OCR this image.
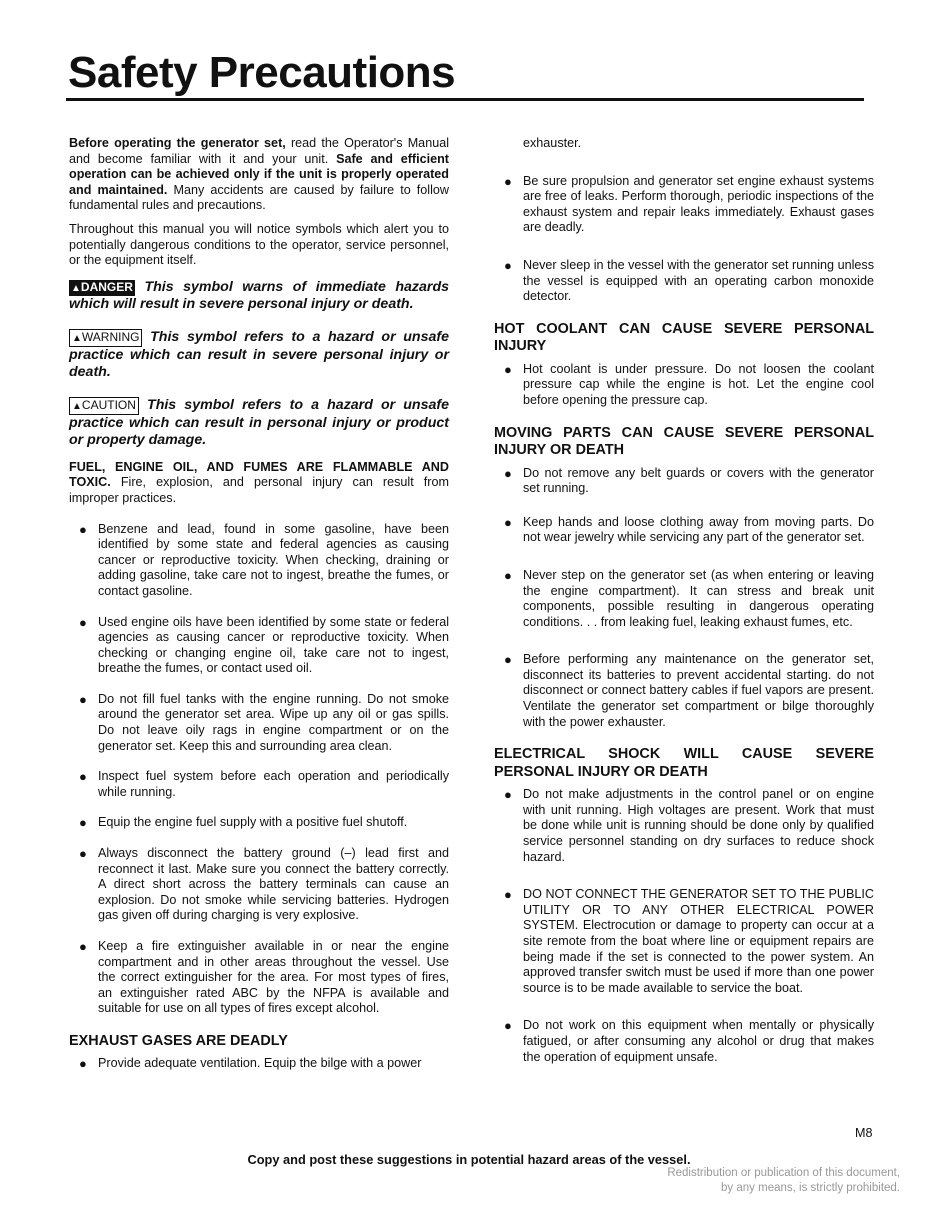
Safety Precautions

Before operating the generator set, read the Operator's Manual and become familiar with it and your unit. Safe and efficient operation can be achieved only if the unit is properly operated and maintained. Many accidents are caused by failure to follow fundamental rules and precautions.

Throughout this manual you will notice symbols which alert you to potentially dangerous conditions to the operator, service personnel, or the equipment itself.

▲DANGER This symbol warns of immediate hazards which will result in severe personal injury or death.

▲WARNING This symbol refers to a hazard or unsafe practice which can result in severe personal injury or death.

▲CAUTION This symbol refers to a hazard or unsafe practice which can result in personal injury or product or property damage.

FUEL, ENGINE OIL, AND FUMES ARE FLAMMABLE AND TOXIC. Fire, explosion, and personal injury can result from improper practices.

● Benzene and lead, found in some gasoline, have been identified by some state and federal agencies as causing cancer or reproductive toxicity. When checking, draining or adding gasoline, take care not to ingest, breathe the fumes, or contact gasoline.
● Used engine oils have been identified by some state or federal agencies as causing cancer or reproductive toxicity. When checking or changing engine oil, take care not to ingest, breathe the fumes, or contact used oil.
● Do not fill fuel tanks with the engine running. Do not smoke around the generator set area. Wipe up any oil or gas spills. Do not leave oily rags in engine compartment or on the generator set. Keep this and surrounding area clean.
● Inspect fuel system before each operation and periodically while running.
● Equip the engine fuel supply with a positive fuel shutoff.
● Always disconnect the battery ground (–) lead first and reconnect it last. Make sure you connect the battery correctly. A direct short across the battery terminals can cause an explosion. Do not smoke while servicing batteries. Hydrogen gas given off during charging is very explosive.
● Keep a fire extinguisher available in or near the engine compartment and in other areas throughout the vessel. Use the correct extinguisher for the area. For most types of fires, an extinguisher rated ABC by the NFPA is available and suitable for use on all types of fires except alcohol.

EXHAUST GASES ARE DEADLY

● Provide adequate ventilation. Equip the bilge with a power

exhauster.

● Be sure propulsion and generator set engine exhaust systems are free of leaks. Perform thorough, periodic inspections of the exhaust system and repair leaks immediately. Exhaust gases are deadly.
● Never sleep in the vessel with the generator set running unless the vessel is equipped with an operating carbon monoxide detector.

HOT COOLANT CAN CAUSE SEVERE PERSONAL INJURY

● Hot coolant is under pressure. Do not loosen the coolant pressure cap while the engine is hot. Let the engine cool before opening the pressure cap.

MOVING PARTS CAN CAUSE SEVERE PERSONAL INJURY OR DEATH

● Do not remove any belt guards or covers with the generator set running.
● Keep hands and loose clothing away from moving parts. Do not wear jewelry while servicing any part of the generator set.
● Never step on the generator set (as when entering or leaving the engine compartment). It can stress and break unit components, possible resulting in dangerous operating conditions. . . from leaking fuel, leaking exhaust fumes, etc.
● Before performing any maintenance on the generator set, disconnect its batteries to prevent accidental starting. do not disconnect or connect battery cables if fuel vapors are present. Ventilate the generator set compartment or bilge thoroughly with the power exhauster.

ELECTRICAL SHOCK WILL CAUSE SEVERE PERSONAL INJURY OR DEATH

● Do not make adjustments in the control panel or on engine with unit running. High voltages are present. Work that must be done while unit is running should be done only by qualified service personnel standing on dry surfaces to reduce shock hazard.
● DO NOT CONNECT THE GENERATOR SET TO THE PUBLIC UTILITY OR TO ANY OTHER ELECTRICAL POWER SYSTEM. Electrocution or damage to property can occur at a site remote from the boat where line or equipment repairs are being made if the set is connected to the power system. An approved transfer switch must be used if more than one power source is to be made available to service the boat.
● Do not work on this equipment when mentally or physically fatigued, or after consuming any alcohol or drug that makes the operation of equipment unsafe.
M8
Copy and post these suggestions in potential hazard areas of the vessel.
Redistribution or publication of this document,
by any means, is strictly prohibited.
